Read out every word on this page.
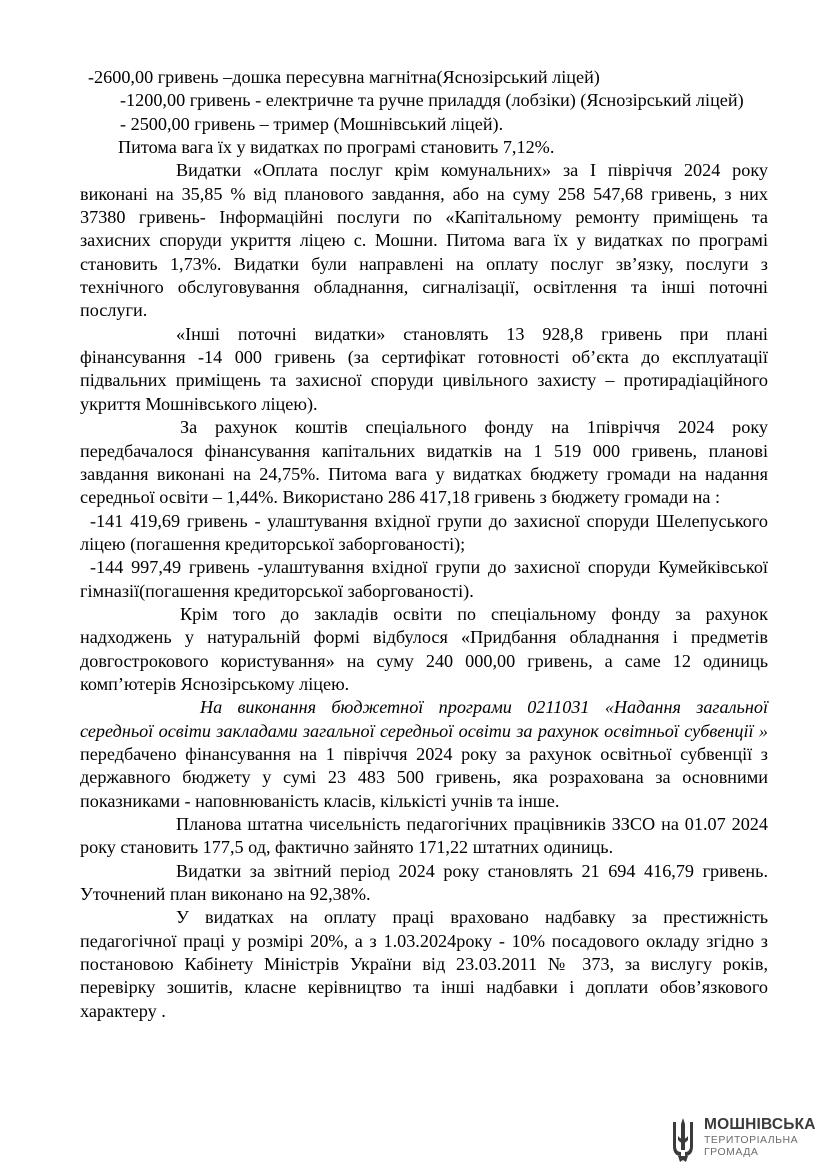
-2600,00 гривень –дошка пересувна магнітна(Яснозірський ліцей)

-1200,00 гривень - електричне та ручне приладдя (лобзіки) (Яснозірський ліцей)

- 2500,00 гривень – тример (Мошнівський ліцей).

Питома вага їх у видатках по програмі становить 7,12%.

Видатки «Оплата послуг крім комунальних» за І півріччя 2024 року виконані на 35,85 % від планового завдання, або на суму 258 547,68 гривень, з них 37380 гривень- Інформаційні послуги по «Капітальному ремонту приміщень та захисних споруди укриття ліцею с. Мошни. Питома вага їх у видатках по програмі становить 1,73%. Видатки були направлені на оплату послуг зв’язку, послуги з технічного обслуговування обладнання, сигналізації, освітлення та інші поточні послуги.

«Інші поточні видатки» становлять 13 928,8 гривень при плані фінансування -14 000 гривень (за сертифікат готовності об’єкта до експлуатації підвальних приміщень та захисної споруди цивільного захисту – протирадіаційного укриття Мошнівського ліцею).

За рахунок коштів спеціального фонду на 1півріччя 2024 року передбачалося фінансування капітальних видатків на 1 519 000 гривень, планові завдання виконані на 24,75%. Питома вага у видатках бюджету громади на надання середньої освіти – 1,44%. Використано 286 417,18 гривень з бюджету громади на :

-141 419,69 гривень - улаштування вхідної групи до захисної споруди Шелепуського ліцею (погашення кредиторської заборгованості);

-144 997,49 гривень -улаштування вхідної групи до захисної споруди Кумейківської гімназії(погашення кредиторської заборгованості).

Крім того до закладів освіти по спеціальному фонду за рахунок надходжень у натуральній формі відбулося «Придбання обладнання і предметів довгострокового користування» на суму 240 000,00 гривень, а саме 12 одиниць комп’ютерів Яснозірському ліцею.

На виконання бюджетної програми 0211031 «Надання загальної середньої освіти закладами загальної середньої освіти за рахунок освітньої субвенції » передбачено фінансування на 1 півріччя 2024 року за рахунок освітньої субвенції з державного бюджету у сумі 23 483 500 гривень, яка розрахована за основними показниками - наповнюваність класів, кількісті учнів та інше.

Планова штатна чисельність педагогічних працівників ЗЗСО на 01.07 2024 року становить 177,5 од, фактично зайнято 171,22 штатних одиниць.

Видатки за звітний період 2024 року становлять 21 694 416,79 гривень. Уточнений план виконано на 92,38%.

У видатках на оплату праці враховано надбавку за престижність педагогічної праці у розмірі 20%, а з 1.03.2024року - 10% посадового окладу згідно з постановою Кабінету Міністрів України від 23.03.2011 № 373, за вислугу років, перевірку зошитів, класне керівництво та інші надбавки і доплати обов’язкового характеру .

МОШНІВСЬКА
ТЕРИТОРІАЛЬНА
ГРОМАДА
